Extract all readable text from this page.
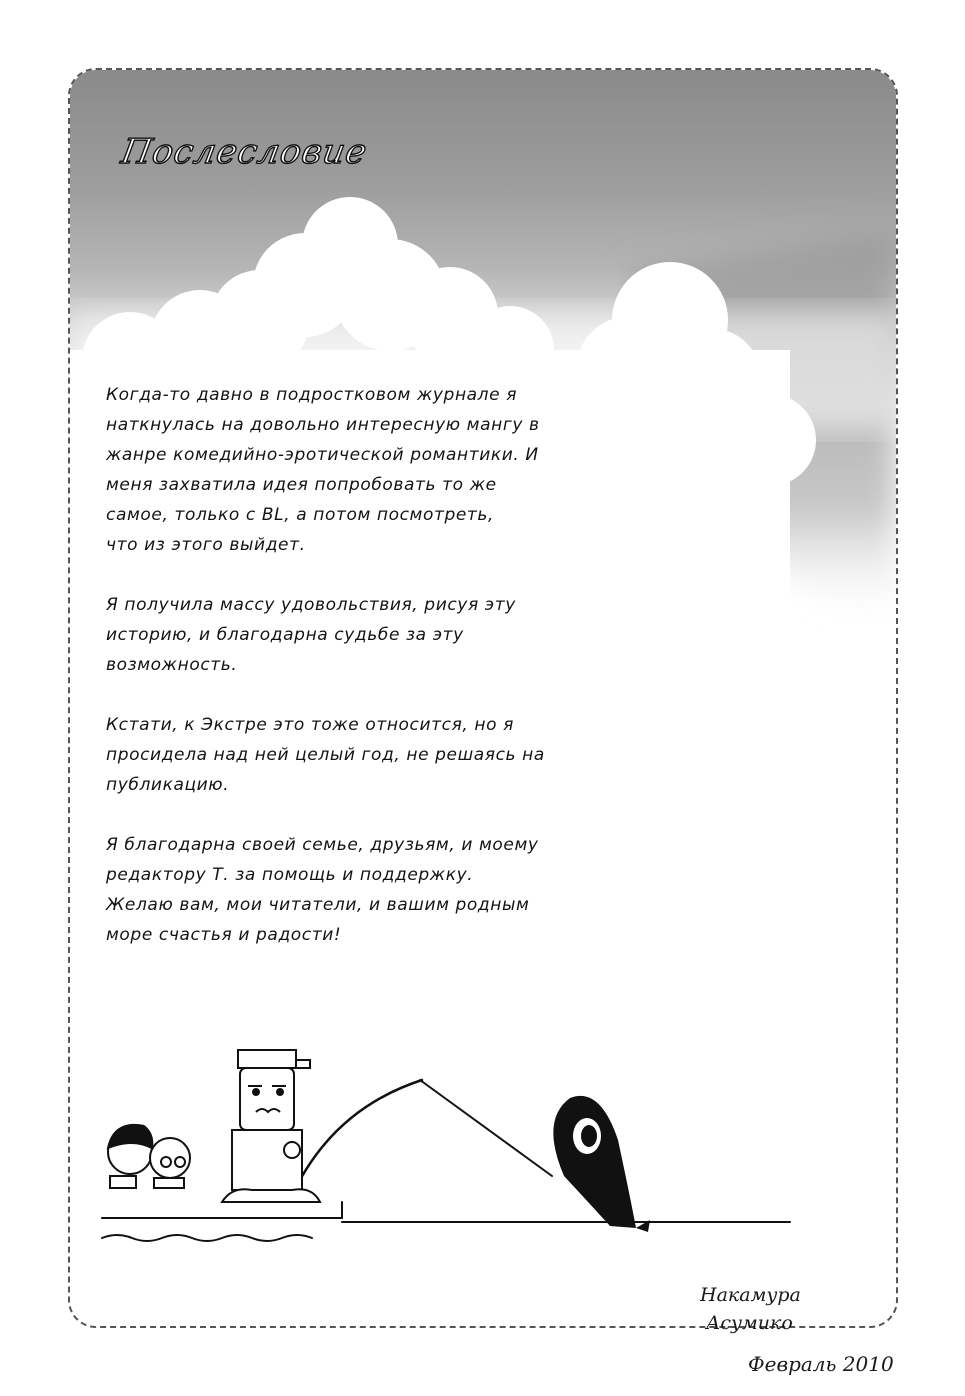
Послесловие

Когда-то давно в подростковом журнале я
наткнулась на довольно интересную мангу в
жанре комедийно-эротической романтики. И
меня захватила идея попробовать то же
самое, только с BL, а потом посмотреть,
что из этого выйдет.

Я получила массу удовольствия, рисуя эту
историю, и благодарна судьбе за эту
возможность.

Кстати, к Экстре это тоже относится, но я
просидела над ней целый год, не решаясь на
публикацию.

Я благодарна своей семье, друзьям, и моему
редактору Т. за помощь и поддержку.
Желаю вам, мои читатели, и вашим родным
море счастья и радости!

Накамура
Асумико
Февраль 2010
